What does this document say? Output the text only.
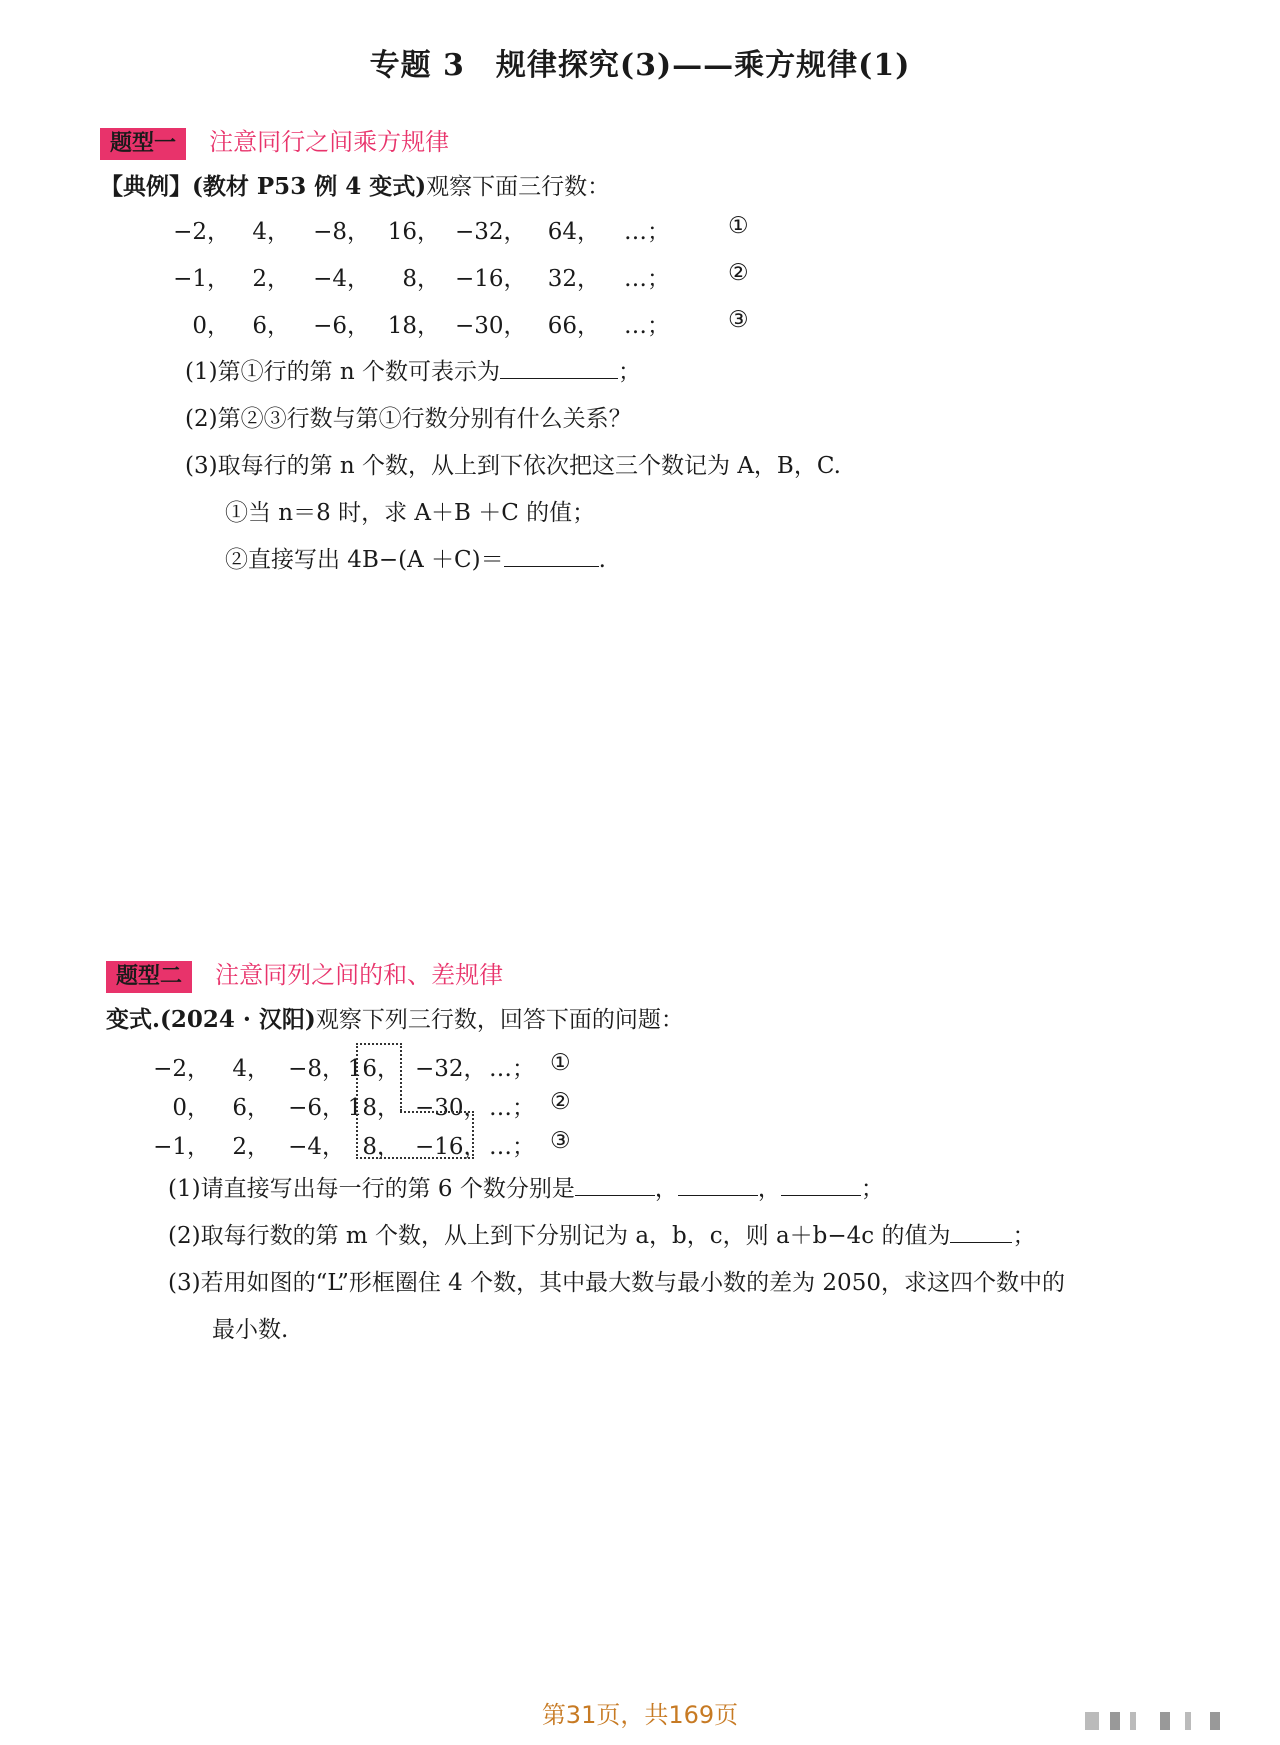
专题 3　规律探究(3)——乘方规律(1)
题型一 注意同行之间乘方规律
【典例】(教材 P53 例 4 变式)观察下面三行数：
−2， 4，	−8， 16， −32， 64，	…；	①
−1， 2，	−4，	8， −16， 32，	…；	②
0， 6，	−6， 18， −30， 66，	…；	③
(1)第①行的第 n 个数可表示为	；
(2)第②③行数与第①行数分别有什么关系？
(3)取每行的第 n 个数，从上到下依次把这三个数记为 A，B，C.
①当 n＝8 时，求 A＋B ＋C 的值；
②直接写出 4B−(A ＋C)＝	.
题型二 注意同列之间的和、差规律
变式.(2024 · 汉阳)观察下列三行数，回答下面的问题：
−2， 4， −8， 16， −32， …； ①
0， 6， −6， 18， −30， …； ②
−1， 2， −4， 8， −16， …； ③
(1)请直接写出每一行的第 6 个数分别是	，	，	；
(2)取每行数的第 m 个数，从上到下分别记为 a，b，c，则 a＋b−4c 的值为	；
(3)若用如图的“L”形框圈住 4 个数，其中最大数与最小数的差为 2050，求这四个数中的
最小数.
第31页，共169页
